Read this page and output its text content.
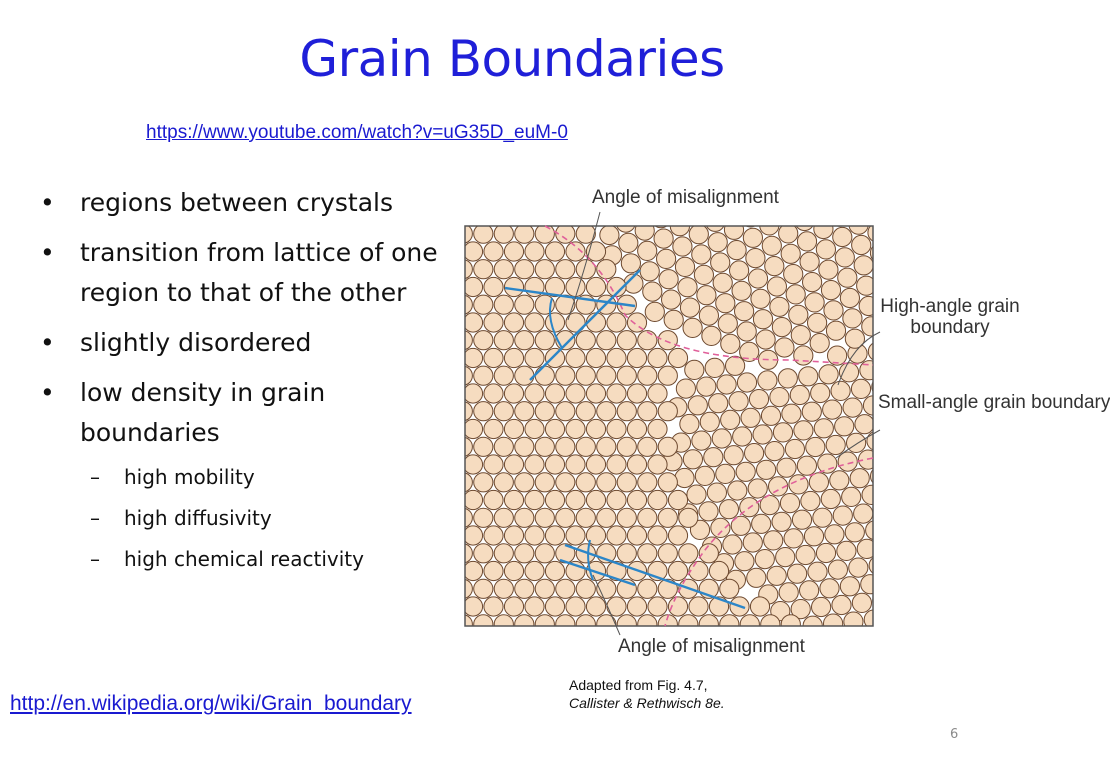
Grain Boundaries
https://www.youtube.com/watch?v=uG35D_euM-0
• regions between crystals
• transition from lattice of one region to that of the other
• slightly disordered
• low density in grain boundaries
– high mobility
– high diffusivity
– high chemical reactivity
Angle of misalignment
Angle of misalignment
High-angle grain boundary
Small-angle grain boundary
Adapted from Fig. 4.7,
Callister & Rethwisch 8e.
http://en.wikipedia.org/wiki/Grain_boundary
6
